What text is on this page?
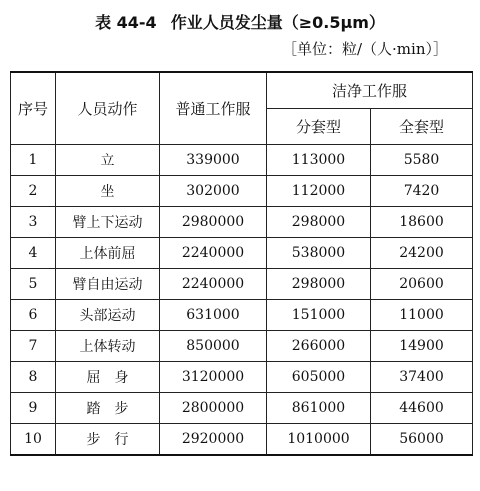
表 44-4 作业人员发尘量（≥0.5μm）
［单位：粒/（人·min）］
序号	人员动作	普通工作服	洁净工作服	
			分套型	全套型
1	立	339000	113000	5580
2	坐	302000	112000	7420
3	臂上下运动	2980000	298000	18600
4	上体前屈	2240000	538000	24200
5	臂自由运动	2240000	298000	20600
6	头部运动	631000	151000	11000
7	上体转动	850000	266000	14900
8	屈　身	3120000	605000	37400
9	踏　步	2800000	861000	44600
10	步　行	2920000	1010000	56000
